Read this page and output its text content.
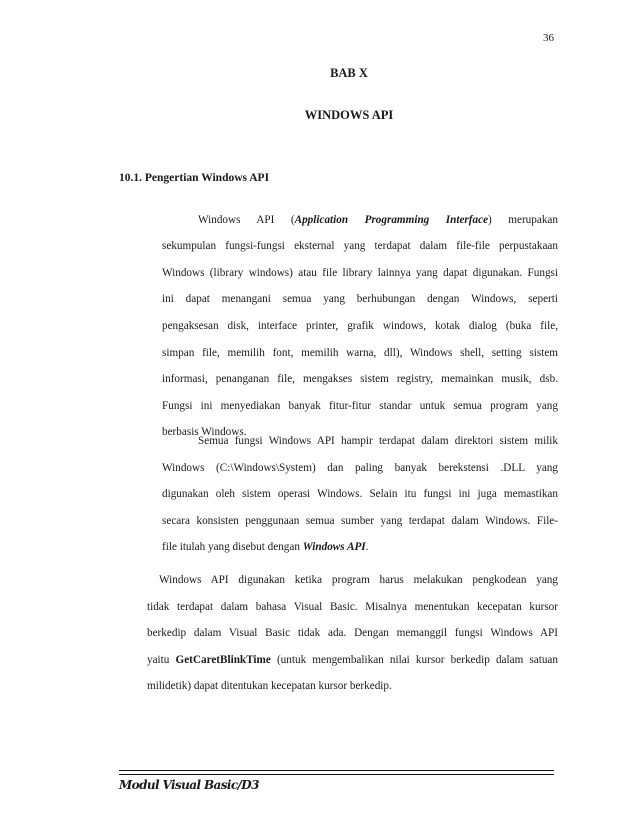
36
BAB X
WINDOWS API
10.1. Pengertian Windows API
Windows API (Application Programming Interface) merupakan
sekumpulan fungsi-fungsi eksternal yang terdapat dalam file-file perpustakaan
Windows (library windows) atau file library lainnya yang dapat digunakan. Fungsi
ini dapat menangani semua yang berhubungan dengan Windows, seperti
pengaksesan disk, interface printer, grafik windows, kotak dialog (buka file,
simpan file, memilih font, memilih warna, dll), Windows shell, setting sistem
informasi, penanganan file, mengakses sistem registry, memainkan musik, dsb.
Fungsi ini menyediakan banyak fitur-fitur standar untuk semua program yang
berbasis Windows.
Semua fungsi Windows API hampir terdapat dalam direktori sistem milik
Windows (C:\Windows\System) dan paling banyak berekstensi .DLL yang
digunakan oleh sistem operasi Windows. Selain itu fungsi ini juga memastikan
secara konsisten penggunaan semua sumber yang terdapat dalam Windows. File-
file itulah yang disebut dengan Windows API.
Windows API digunakan ketika program harus melakukan pengkodean yang
tidak terdapat dalam bahasa Visual Basic. Misalnya menentukan kecepatan kursor
berkedip dalam Visual Basic tidak ada. Dengan memanggil fungsi Windows API
yaitu GetCaretBlinkTime (untuk mengembalikan nilai kursor berkedip dalam satuan
milidetik) dapat ditentukan kecepatan kursor berkedip.
Modul Visual Basic/D3
